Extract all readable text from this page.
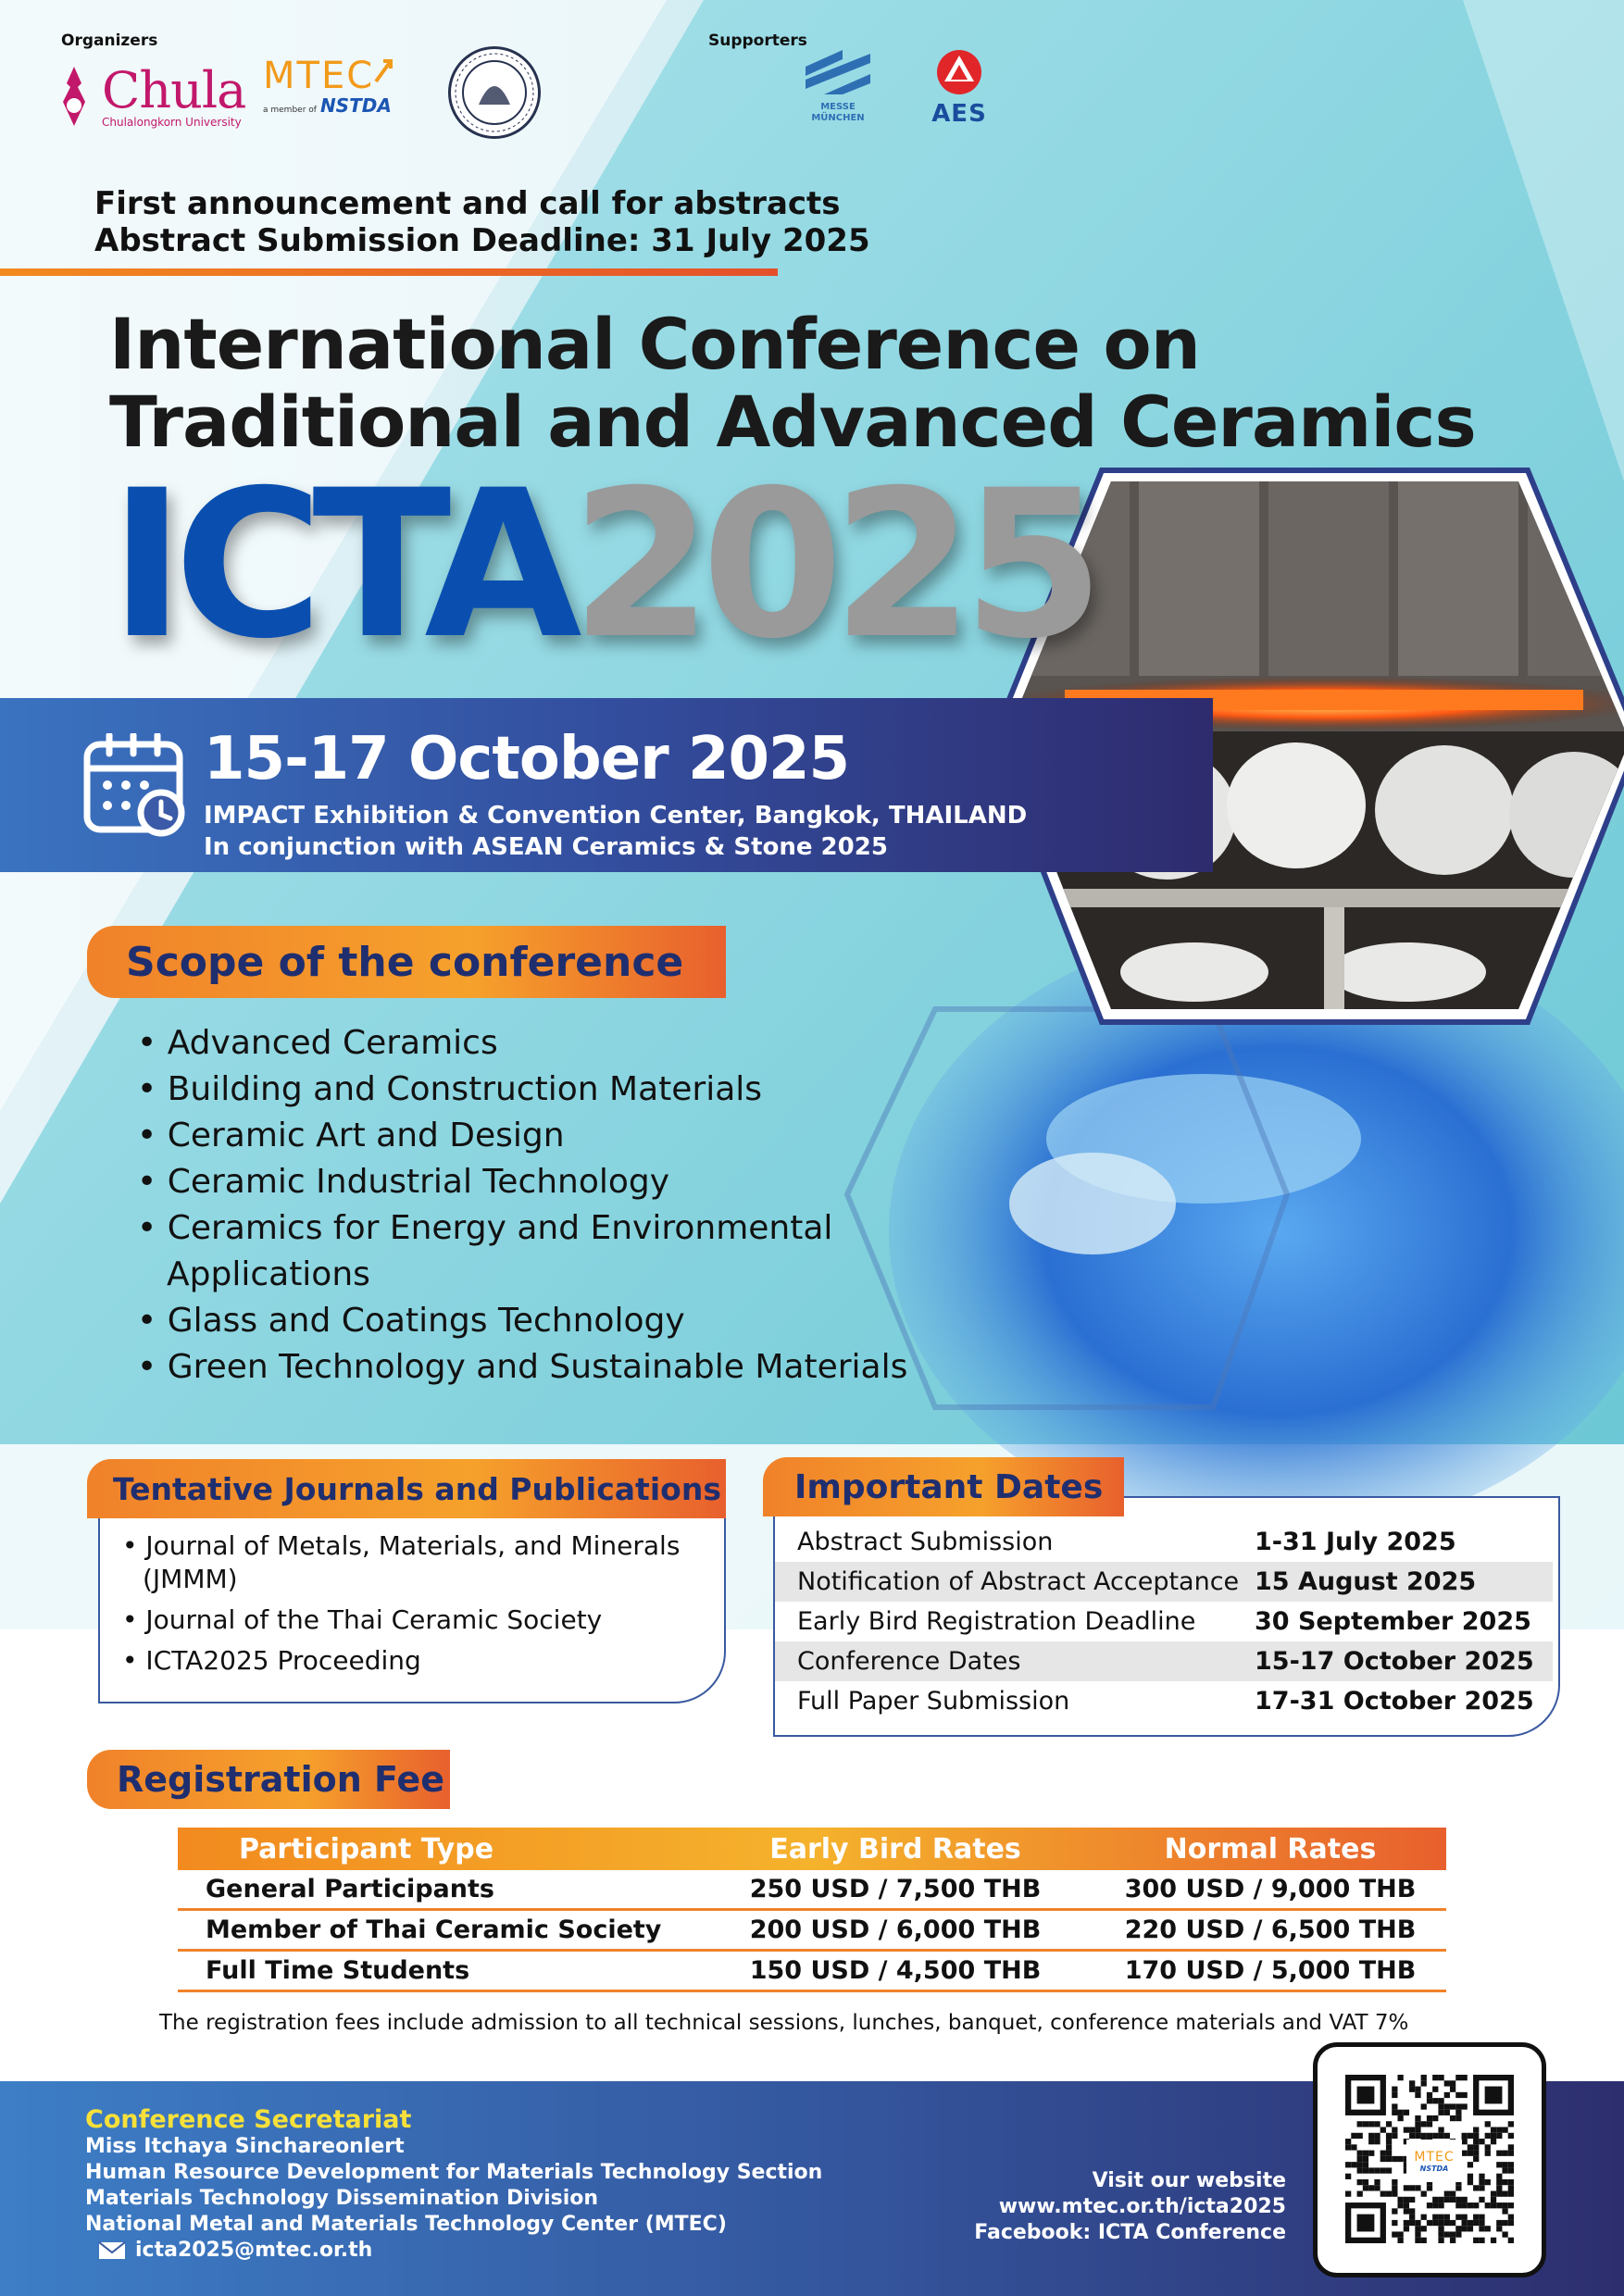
Organizers	Supporters
Chula
Chulalongkorn University
MTEC
a member of NSTDA	MESSE
MÜNCHEN	AES
First announcement and call for abstracts
Abstract Submission Deadline: 31 July 2025
International Conference on
Traditional and Advanced Ceramics
ICTA2025
15-17 October 2025
IMPACT Exhibition & Convention Center, Bangkok, THAILAND
In conjunction with ASEAN Ceramics & Stone 2025
Scope of the conference
• Advanced Ceramics
• Building and Construction Materials
• Ceramic Art and Design
• Ceramic Industrial Technology
• Ceramics for Energy and Environmental
Applications
• Glass and Coatings Technology
• Green Technology and Sustainable Materials
Tentative Journals and Publications
• Journal of Metals, Materials, and Minerals
(JMMM)
• Journal of the Thai Ceramic Society
• ICTA2025 Proceeding
Important Dates
Abstract Submission	1-31 July 2025
Notification of Abstract Acceptance 15 August 2025
Early Bird Registration Deadline	30 September 2025
Conference Dates	15-17 October 2025
Full Paper Submission	17-31 October 2025
Registration Fee
Participant Type	Early Bird Rates	Normal Rates
General Participants	250 USD / 7,500 THB	300 USD / 9,000 THB
Member of Thai Ceramic Society	200 USD / 6,000 THB	220 USD / 6,500 THB
Full Time Students	150 USD / 4,500 THB	170 USD / 5,000 THB
The registration fees include admission to all technical sessions, lunches, banquet, conference materials and VAT 7%
Conference Secretariat
Miss Itchaya Sinchareonlert
Human Resource Development for Materials Technology Section
Materials Technology Dissemination Division
National Metal and Materials Technology Center (MTEC)
icta2025@mtec.or.th
Visit our website
www.mtec.or.th/icta2025
Facebook: ICTA Conference
MTEC
NSTDA
